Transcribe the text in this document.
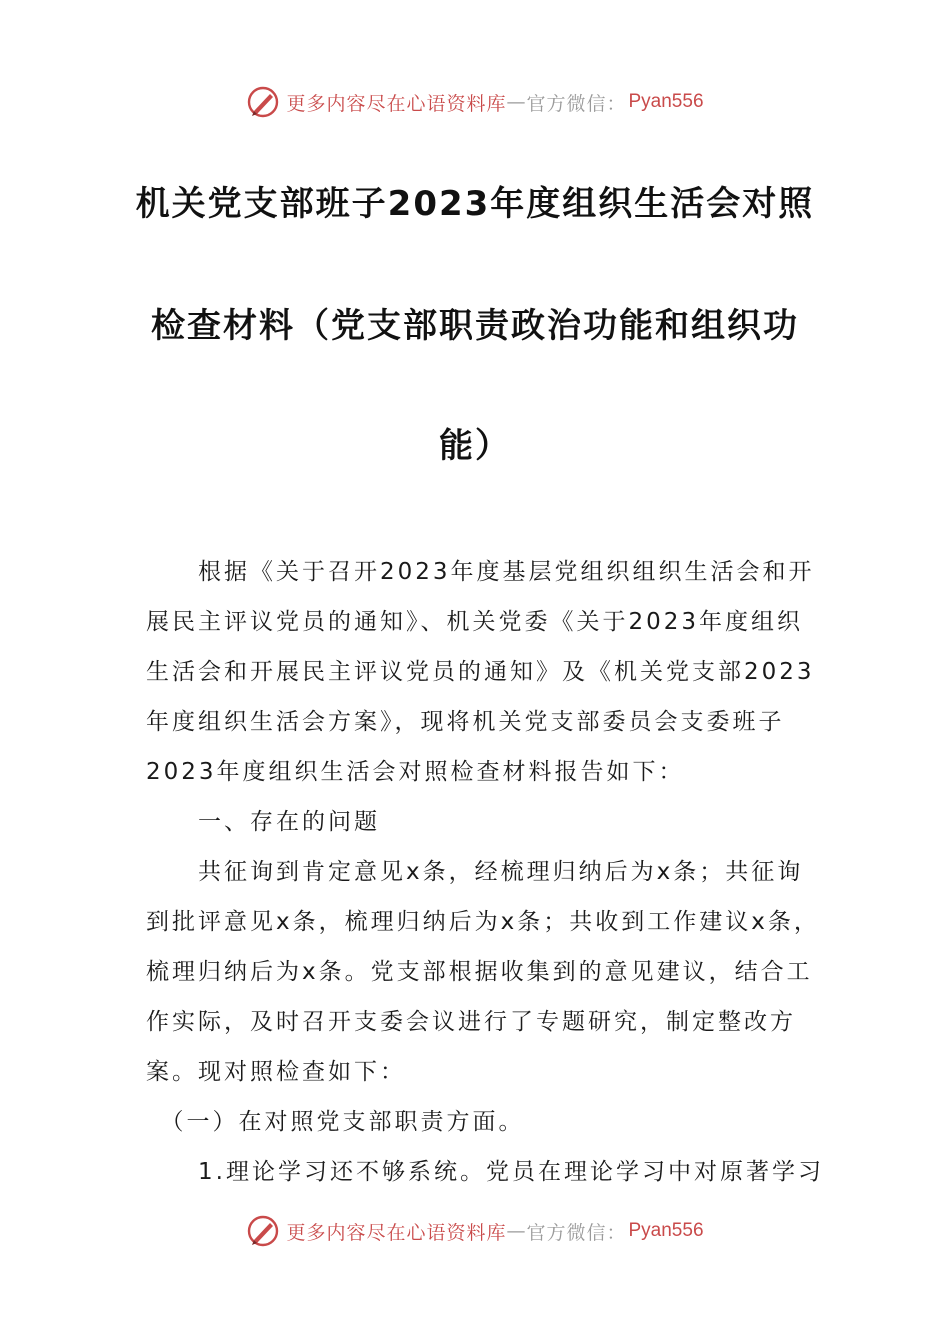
更多内容尽在心语资料库 — 官方微信： Pyan556
机关党支部班子2023年度组织生活会对照
检查材料（党支部职责政治功能和组织功
能）
　　根据《关于召开2023年度基层党组织组织生活会和开
展民主评议党员的通知》、机关党委《关于2023年度组织
生活会和开展民主评议党员的通知》及《机关党支部2023
年度组织生活会方案》，现将机关党支部委员会支委班子
2023年度组织生活会对照检查材料报告如下：
　　一、存在的问题
　　共征询到肯定意见x条，经梳理归纳后为x条；共征询
到批评意见x条，梳理归纳后为x条；共收到工作建议x条，
梳理归纳后为x条。党支部根据收集到的意见建议，结合工
作实际，及时召开支委会议进行了专题研究，制定整改方
案。现对照检查如下：
　（一）在对照党支部职责方面。
　　1.理论学习还不够系统。党员在理论学习中对原著学习
更多内容尽在心语资料库 — 官方微信： Pyan556
